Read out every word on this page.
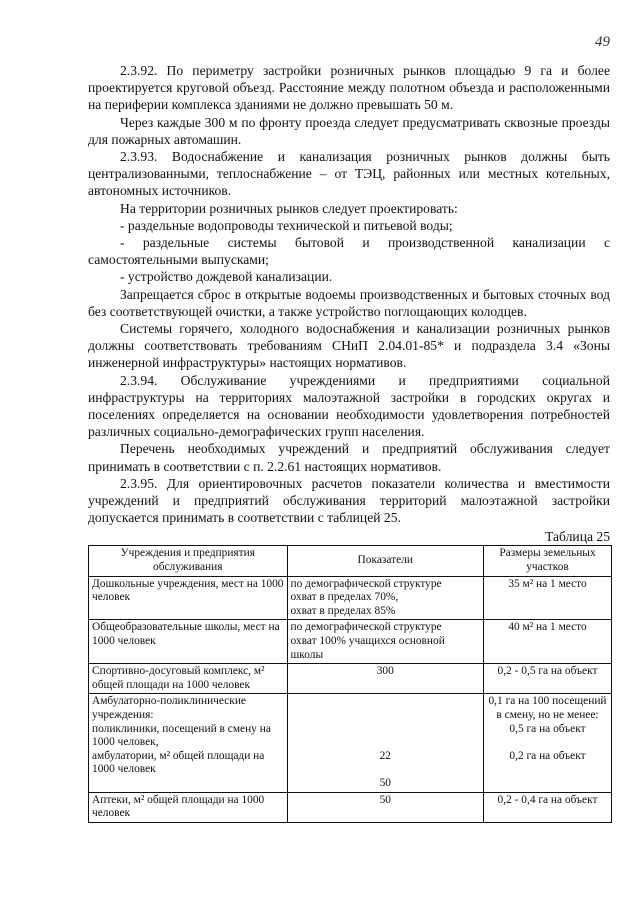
49

2.3.92. По периметру застройки розничных рынков площадью 9 га и более проектируется круговой объезд. Расстояние между полотном объезда и расположенными на периферии комплекса зданиями не должно превышать 50 м.

Через каждые 300 м по фронту проезда следует предусматривать сквозные проезды для пожарных автомашин.

2.3.93. Водоснабжение и канализация розничных рынков должны быть централизованными, теплоснабжение – от ТЭЦ, районных или местных котельных, автономных источников.

На территории розничных рынков следует проектировать:

- раздельные водопроводы технической и питьевой воды;

- раздельные системы бытовой и производственной канализации с самостоятельными выпусками;

- устройство дождевой канализации.

Запрещается сброс в открытые водоемы производственных и бытовых сточных вод без соответствующей очистки, а также устройство поглощающих колодцев.

Системы горячего, холодного водоснабжения и канализации розничных рынков должны соответствовать требованиям СНиП 2.04.01-85* и подраздела 3.4 «Зоны инженерной инфраструктуры» настоящих нормативов.

2.3.94. Обслуживание учреждениями и предприятиями социальной инфраструктуры на территориях малоэтажной застройки в городских округах и поселениях определяется на основании необходимости удовлетворения потребностей различных социально-демографических групп населения.

Перечень необходимых учреждений и предприятий обслуживания следует принимать в соответствии с п. 2.2.61 настоящих нормативов.

2.3.95. Для ориентировочных расчетов показатели количества и вместимости учреждений и предприятий обслуживания территорий малоэтажной застройки допускается принимать в соответствии с таблицей 25.

Таблица 25
Учреждения и предприятия обслуживания	Показатели	Размеры земельных участков

Дошкольные учреждения, мест на 1000 человек	по демографической структуре
охват в пределах 70%,
охват в пределах 85%	35 м² на 1 место

Общеобразовательные школы, мест на 1000 человек	по демографической структуре
охват 100% учащихся основной
школы	40 м² на 1 место

Спортивно-досуговый комплекс, м² общей площади на 1000 человек	300	0,2 - 0,5 га на объект

Амбулаторно-поликлинические учреждения:
поликлиники, посещений в смену на 1000 человек,
амбулатории, м² общей площади на 1000 человек	22
50	0,1 га на 100 посещений в смену, но не менее:
0,5 га на объект
0,2 га на объект

Аптеки, м² общей площади на 1000 человек	50	0,2 - 0,4 га на объект
